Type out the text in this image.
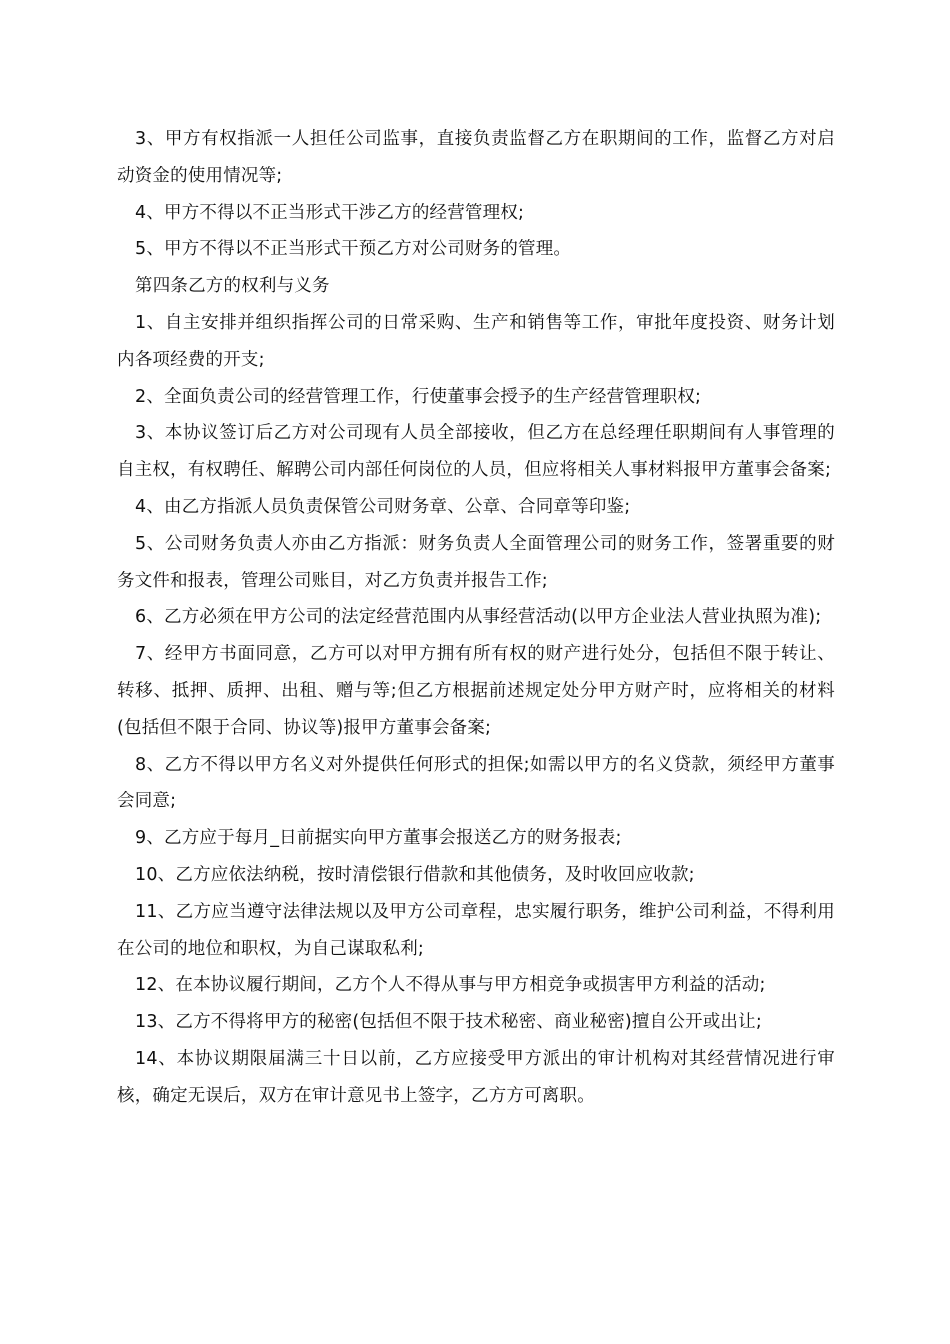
3、甲方有权指派一人担任公司监事，直接负责监督乙方在职期间的工作，监督乙方对启动资金的使用情况等;

4、甲方不得以不正当形式干涉乙方的经营管理权;

5、甲方不得以不正当形式干预乙方对公司财务的管理。

第四条乙方的权利与义务

1、自主安排并组织指挥公司的日常采购、生产和销售等工作，审批年度投资、财务计划内各项经费的开支;

2、全面负责公司的经营管理工作，行使董事会授予的生产经营管理职权;

3、本协议签订后乙方对公司现有人员全部接收，但乙方在总经理任职期间有人事管理的自主权，有权聘任、解聘公司内部任何岗位的人员，但应将相关人事材料报甲方董事会备案;

4、由乙方指派人员负责保管公司财务章、公章、合同章等印鉴;

5、公司财务负责人亦由乙方指派：财务负责人全面管理公司的财务工作，签署重要的财务文件和报表，管理公司账目，对乙方负责并报告工作;

6、乙方必须在甲方公司的法定经营范围内从事经营活动(以甲方企业法人营业执照为准);

7、经甲方书面同意，乙方可以对甲方拥有所有权的财产进行处分，包括但不限于转让、转移、抵押、质押、出租、赠与等;但乙方根据前述规定处分甲方财产时，应将相关的材料(包括但不限于合同、协议等)报甲方董事会备案;

8、乙方不得以甲方名义对外提供任何形式的担保;如需以甲方的名义贷款，须经甲方董事会同意;

9、乙方应于每月_日前据实向甲方董事会报送乙方的财务报表;

10、乙方应依法纳税，按时清偿银行借款和其他债务，及时收回应收款;

11、乙方应当遵守法律法规以及甲方公司章程，忠实履行职务，维护公司利益，不得利用在公司的地位和职权，为自己谋取私利;

12、在本协议履行期间，乙方个人不得从事与甲方相竞争或损害甲方利益的活动;

13、乙方不得将甲方的秘密(包括但不限于技术秘密、商业秘密)擅自公开或出让;

14、本协议期限届满三十日以前，乙方应接受甲方派出的审计机构对其经营情况进行审核，确定无误后，双方在审计意见书上签字，乙方方可离职。
